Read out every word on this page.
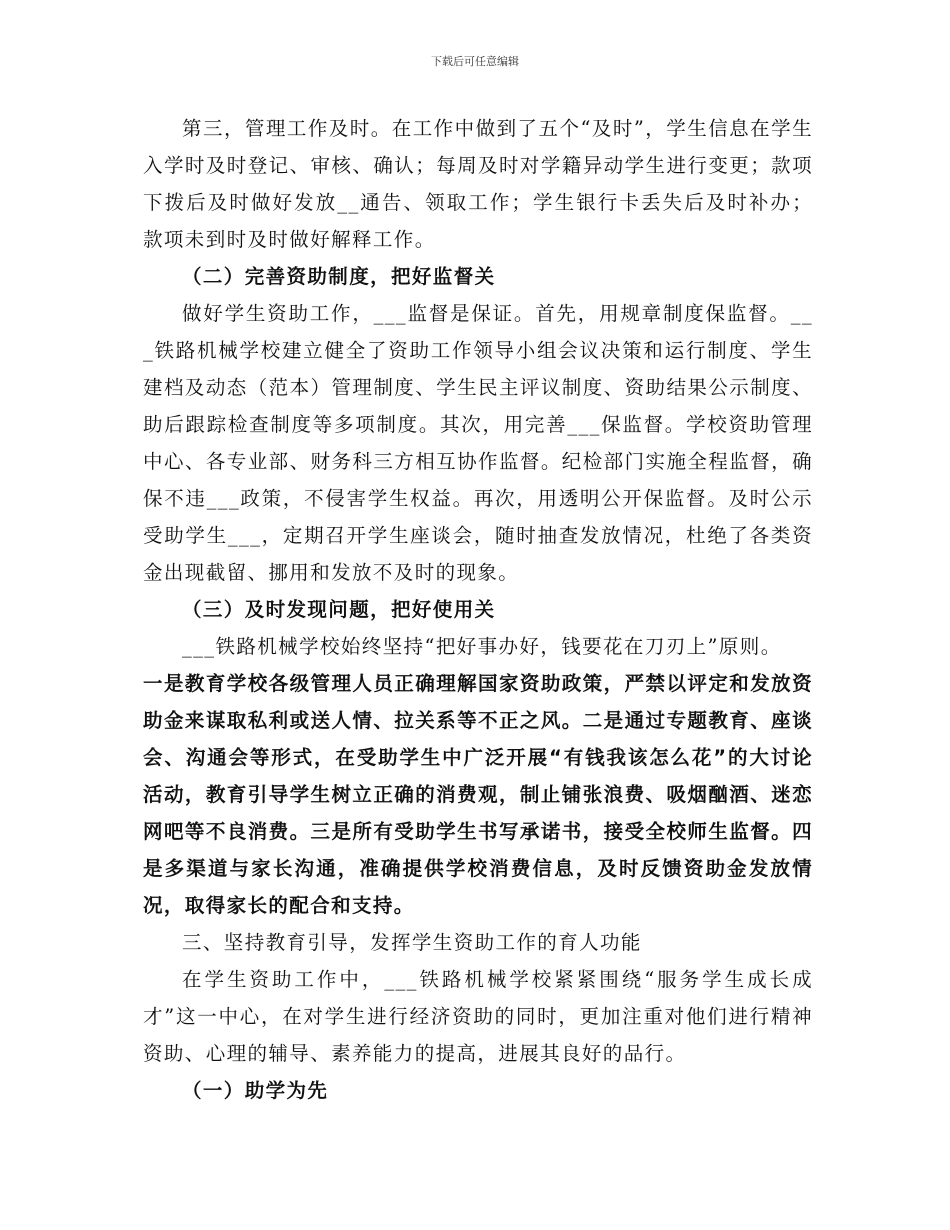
下载后可任意编辑

第三，管理工作及时。在工作中做到了五个“及时”，学生信息在学生入学时及时登记、审核、确认；每周及时对学籍异动学生进行变更；款项下拨后及时做好发放__通告、领取工作；学生银行卡丢失后及时补办；款项未到时及时做好解释工作。

（二）完善资助制度，把好监督关

做好学生资助工作，___监督是保证。首先，用规章制度保监督。___铁路机械学校建立健全了资助工作领导小组会议决策和运行制度、学生建档及动态（范本）管理制度、学生民主评议制度、资助结果公示制度、助后跟踪检查制度等多项制度。其次，用完善___保监督。学校资助管理中心、各专业部、财务科三方相互协作监督。纪检部门实施全程监督，确保不违___政策，不侵害学生权益。再次，用透明公开保监督。及时公示受助学生___，定期召开学生座谈会，随时抽查发放情况，杜绝了各类资金出现截留、挪用和发放不及时的现象。

（三）及时发现问题，把好使用关

___铁路机械学校始终坚持“把好事办好，钱要花在刀刃上”原则。

一是教育学校各级管理人员正确理解国家资助政策，严禁以评定和发放资助金来谋取私利或送人情、拉关系等不正之风。二是通过专题教育、座谈会、沟通会等形式，在受助学生中广泛开展“有钱我该怎么花”的大讨论活动，教育引导学生树立正确的消费观，制止铺张浪费、吸烟酗酒、迷恋网吧等不良消费。三是所有受助学生书写承诺书，接受全校师生监督。四是多渠道与家长沟通，准确提供学校消费信息，及时反馈资助金发放情况，取得家长的配合和支持。

三、坚持教育引导，发挥学生资助工作的育人功能

在学生资助工作中，___铁路机械学校紧紧围绕“服务学生成长成才”这一中心，在对学生进行经济资助的同时，更加注重对他们进行精神资助、心理的辅导、素养能力的提高，进展其良好的品行。

（一）助学为先
